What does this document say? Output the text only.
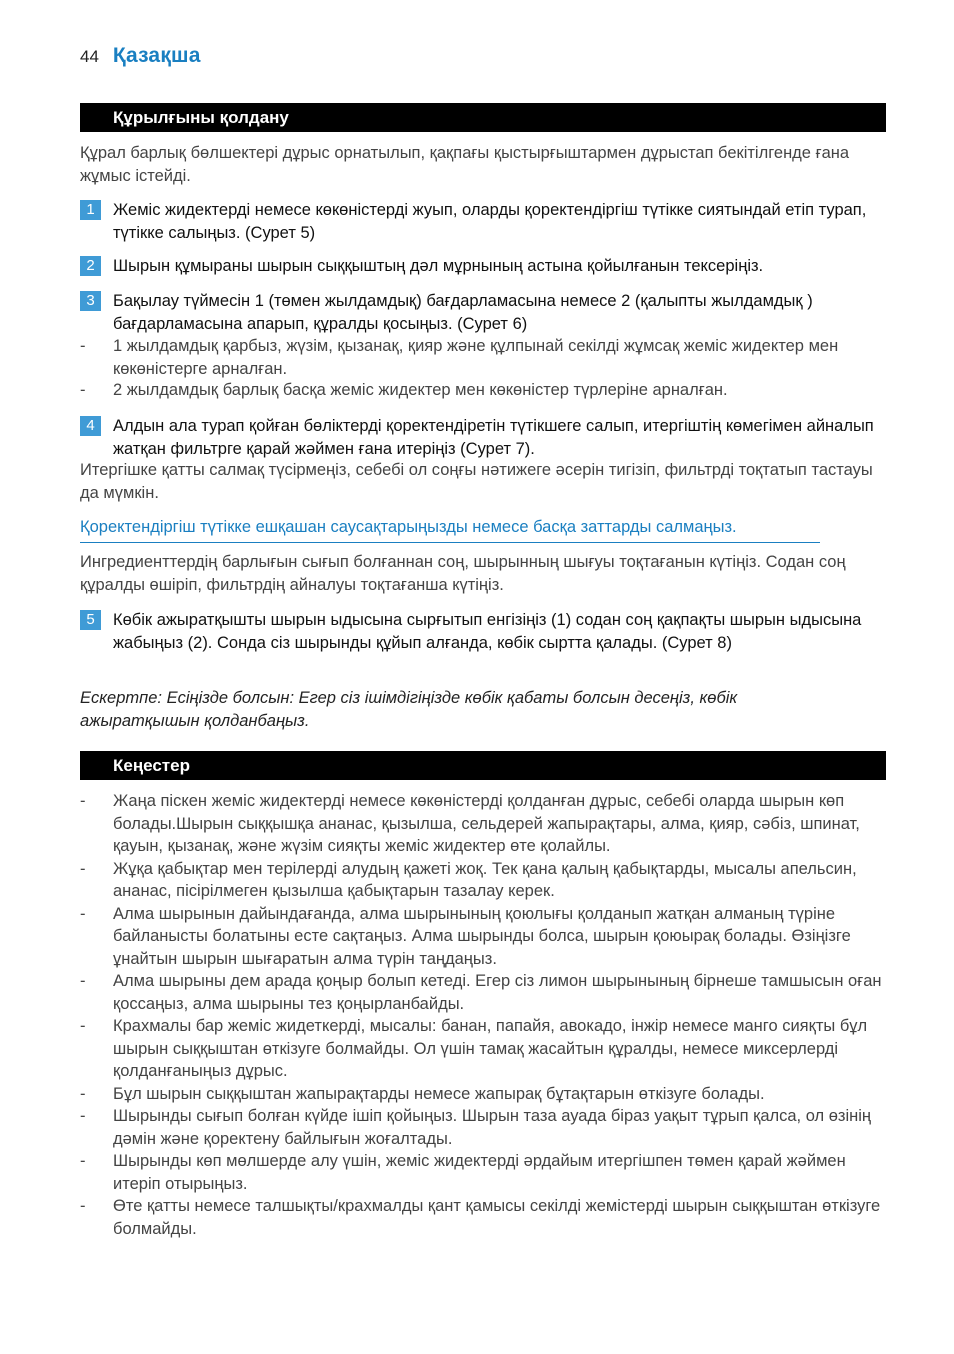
44 Қазақша
Құрылғыны қолдану
Құрал барлық бөлшектері дұрыс орнатылып, қақпағы қыстырғыштармен дұрыстап бекітілгенде ғана жұмыс істейді.
1	Жеміс жидектерді немесе көкөністерді жуып, оларды қоректендіргіш түтікке сиятындай етіп турап, түтікке салыңыз. (Сурет 5)
2	Шырын құмыраны шырын сыққыштың дәл мұрнының астына қойылғанын тексеріңіз.
3	Бақылау түймесін 1 (төмен жылдамдық) бағдарламасына немесе 2 (қалыпты жылдамдық ) бағдарламасына апарып, құралды қосыңыз. (Сурет 6)
-	1 жылдамдық қарбыз, жүзім, қызанақ, қияр және құлпынай секілді жұмсақ жеміс жидектер мен көкөністерге арналған.
-	2 жылдамдық барлық басқа жеміс жидектер мен көкөністер түрлеріне арналған.
4	Алдын ала турап қойған бөліктерді қоректендіретін түтікшеге салып, итергіштің көмегімен айналып жатқан фильтрге қарай жәймен ғана итеріңіз (Сурет 7).
Итергішке қатты салмақ түсірмеңіз, себебі ол соңғы нәтижеге әсерін тигізіп, фильтрді тоқтатып тастауы да мүмкін.
Қоректендіргіш түтікке ешқашан саусақтарыңызды немесе басқа заттарды салмаңыз.
Ингредиенттердің барлығын сығып болғаннан соң, шырынның шығуы тоқтағанын күтіңіз. Содан соң құралды өшіріп, фильтрдің айналуы тоқтағанша күтіңіз.
5	Көбік ажыратқышты шырын ыдысына сырғытып енгізіңіз (1) содан соң қақпақты шырын ыдысына жабыңыз (2). Сонда сіз шырынды құйып алғанда, көбік сыртта қалады. (Сурет 8)
Ескертпе: Есіңізде болсын: Егер сіз ішімдігіңізде көбік қабаты болсын десеңіз, көбік ажыратқышын қолданбаңыз.
Кеңестер
-	Жаңа піскен жеміс жидектерді немесе көкөністерді қолданған дұрыс, себебі оларда шырын көп болады.Шырын сыққышқа ананас, қызылша, сельдерей жапырақтары, алма, қияр, сәбіз, шпинат, қауын, қызанақ, және жүзім сияқты жеміс жидектер өте қолайлы.
-	Жұқа қабықтар мен терілерді алудың қажеті жоқ. Тек қана қалың қабықтарды, мысалы апельсин, ананас, пісірілмеген қызылша қабықтарын тазалау керек.
-	Алма шырынын дайындағанда, алма шырынының қоюлығы қолданып жатқан алманың түріне байланысты болатыны есте сақтаңыз. Алма шырынды болса, шырын қоюырақ болады. Өзіңізге ұнайтын шырын шығаратын алма түрін таңдаңыз.
-	Алма шырыны дем арада қоңыр болып кетеді. Егер сіз лимон шырынының бірнеше тамшысын оған қоссаңыз, алма шырыны тез қоңырланбайды.
-	Крахмалы бар жеміс жидеткерді, мысалы: банан, папайя, авокадо, інжір немесе манго сияқты бұл шырын сыққыштан өткізуге болмайды. Ол үшін тамақ жасайтын құралды, немесе миксерлерді қолданғаныңыз дұрыс.
-	Бұл шырын сыққыштан жапырақтарды немесе жапырақ бұтақтарын өткізуге болады.
-	Шырынды сығып болған күйде ішіп қойыңыз. Шырын таза ауада біраз уақыт тұрып қалса, ол өзінің дәмін және қоректену байлығын жоғалтады.
-	Шырынды көп мөлшерде алу үшін, жеміс жидектерді әрдайым итергішпен төмен қарай жәймен итеріп отырыңыз.
-	Өте қатты немесе талшықты/крахмалды қант қамысы секілді жемістерді шырын сыққыштан өткізуге болмайды.
